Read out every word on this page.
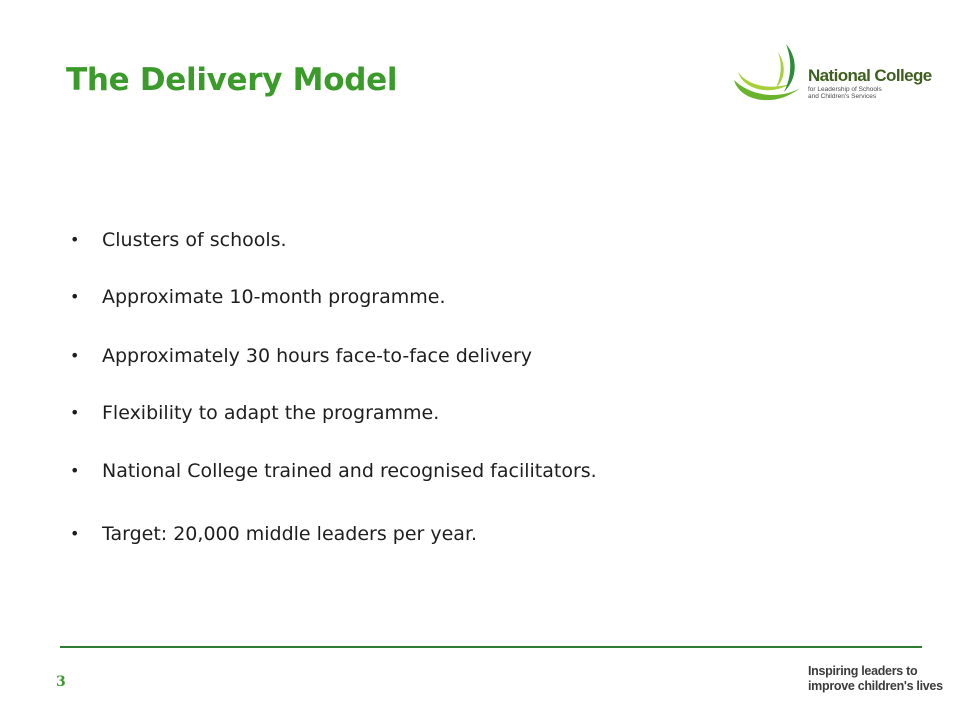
The Delivery Model	National College
for Leadership of Schools
and Children's Services
• Clusters of schools.
• Approximate 10-month programme.
• Approximately 30 hours face-to-face delivery
• Flexibility to adapt the programme.
• National College trained and recognised facilitators.
• Target: 20,000 middle leaders per year.
3
Inspiring leaders to
improve children's lives
